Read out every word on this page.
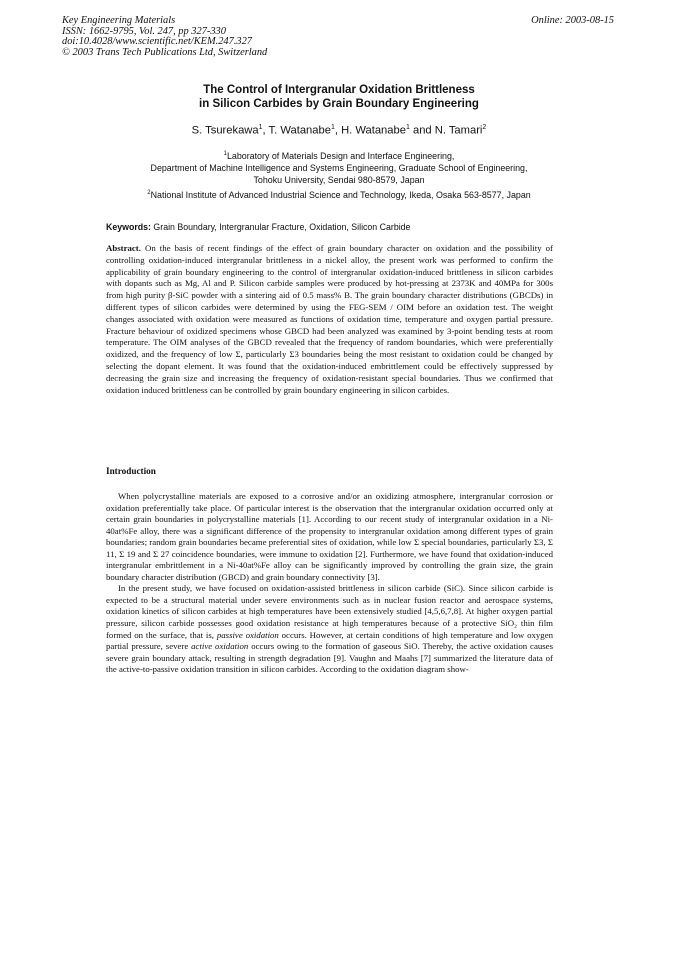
Key Engineering Materials
ISSN: 1662-9795, Vol. 247, pp 327-330
doi:10.4028/www.scientific.net/KEM.247.327
© 2003 Trans Tech Publications Ltd, Switzerland
Online: 2003-08-15
The Control of Intergranular Oxidation Brittleness
in Silicon Carbides by Grain Boundary Engineering
S. Tsurekawa$^1$, T. Watanabe$^1$, H. Watanabe$^1$ and N. Tamari$^2$
$^1$Laboratory of Materials Design and Interface Engineering,
Department of Machine Intelligence and Systems Engineering, Graduate School of Engineering,
Tohoku University, Sendai 980-8579, Japan
$^2$National Institute of Advanced Industrial Science and Technology, Ikeda, Osaka 563-8577, Japan
Keywords: Grain Boundary, Intergranular Fracture, Oxidation, Silicon Carbide
Abstract. On the basis of recent findings of the effect of grain boundary character on oxidation and the possibility of controlling oxidation-induced intergranular brittleness in a nickel alloy, the present work was performed to confirm the applicability of grain boundary engineering to the control of intergranular oxidation-induced brittleness in silicon carbides with dopants such as Mg, Al and P. Silicon carbide samples were produced by hot-pressing at 2373K and 40MPa for 300s from high purity β-SiC powder with a sintering aid of 0.5 mass% B. The grain boundary character distributions (GBCDs) in different types of silicon carbides were determined by using the FEG-SEM / OIM before an oxidation test. The weight changes associated with oxidation were measured as functions of oxidation time, temperature and oxygen partial pressure. Fracture behaviour of oxidized specimens whose GBCD had been analyzed was examined by 3-point bending tests at room temperature. The OIM analyses of the GBCD revealed that the frequency of random boundaries, which were preferentially oxidized, and the frequency of low Σ, particularly Σ3 boundaries being the most resistant to oxidation could be changed by selecting the dopant element. It was found that the oxidation-induced embrittlement could be effectively suppressed by decreasing the grain size and increasing the frequency of oxidation-resistant special boundaries. Thus we confirmed that oxidation induced brittleness can be controlled by grain boundary engineering in silicon carbides.
Introduction

When polycrystalline materials are exposed to a corrosive and/or an oxidizing atmosphere, intergranular corrosion or oxidation preferentially take place. Of particular interest is the observation that the intergranular oxidation occurred only at certain grain boundaries in polycrystalline materials [1]. According to our recent study of intergranular oxidation in a Ni-40at%Fe alloy, there was a significant difference of the propensity to intergranular oxidation among different types of grain boundaries; random grain boundaries became preferential sites of oxidation, while low Σ special boundaries, particularly Σ3, Σ 11, Σ 19 and Σ 27 coincidence boundaries, were immune to oxidation [2]. Furthermore, we have found that oxidation-induced intergranular embrittlement in a Ni-40at%Fe alloy can be significantly improved by controlling the grain size, the grain boundary character distribution (GBCD) and grain boundary connectivity [3].

In the present study, we have focused on oxidation-assisted brittleness in silicon carbide (SiC). Since silicon carbide is expected to be a structural material under severe environments such as in nuclear fusion reactor and aerospace systems, oxidation kinetics of silicon carbides at high temperatures have been extensively studied [4,5,6,7,8]. At higher oxygen partial pressure, silicon carbide possesses good oxidation resistance at high temperatures because of a protective SiO₂ thin film formed on the surface, that is, passive oxidation occurs. However, at certain conditions of high temperature and low oxygen partial pressure, severe active oxidation occurs owing to the formation of gaseous SiO. Thereby, the active oxidation causes severe grain boundary attack, resulting in strength degradation [9]. Vaughn and Maahs [7] summarized the literature data of the active-to-passive oxidation transition in silicon carbides. According to the oxidation diagram show-
